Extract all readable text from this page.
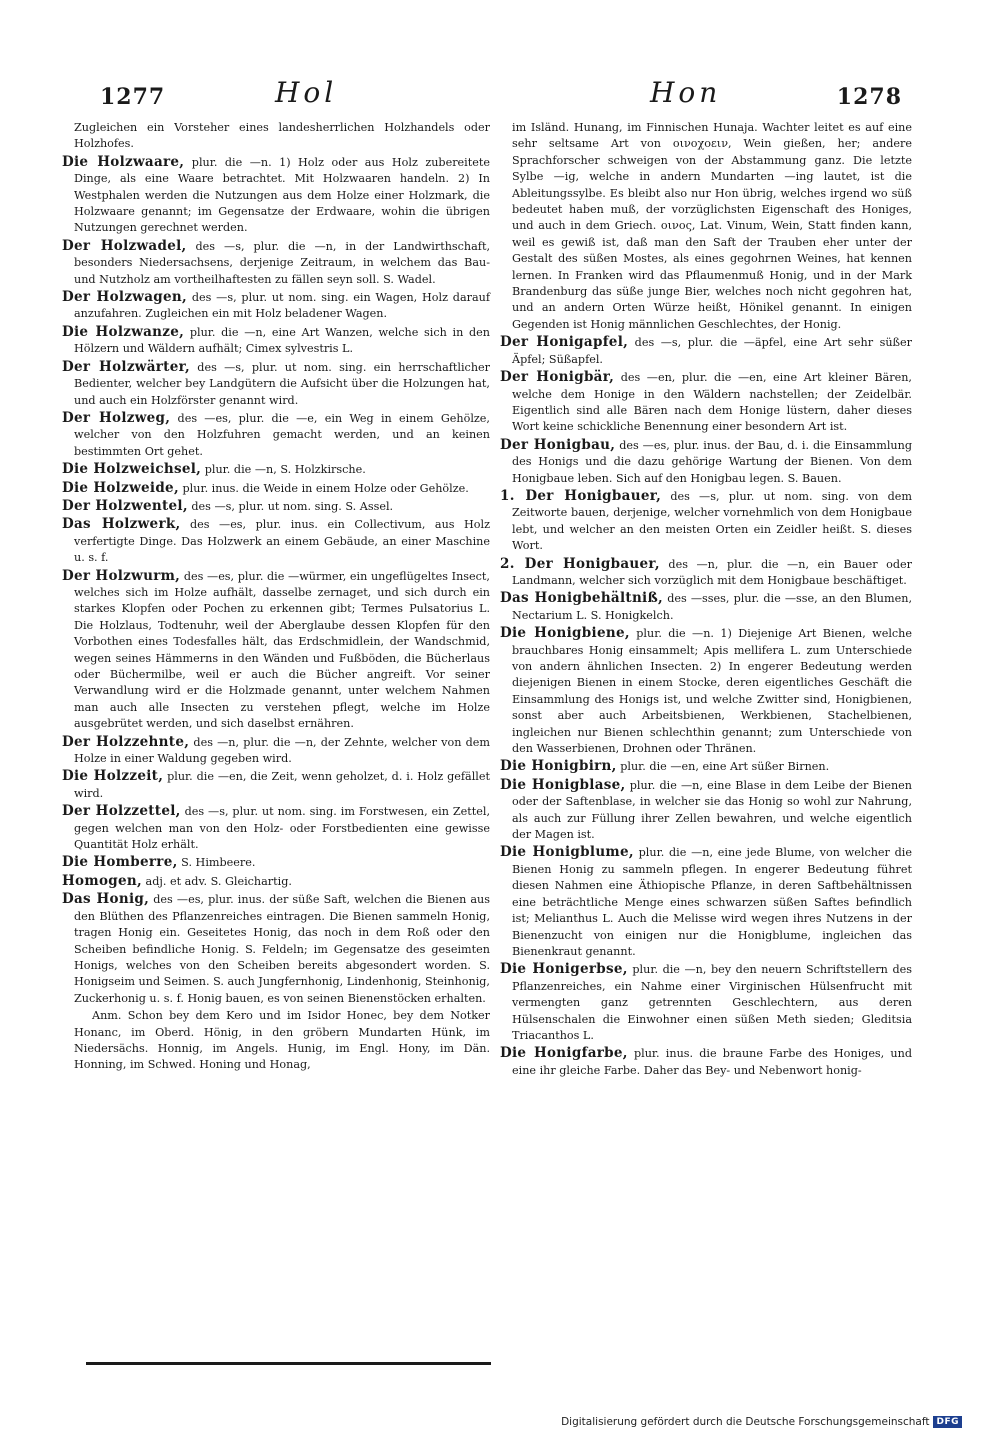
1277	Hol	Hon	1278

Zugleichen ein Vorsteher eines landesherrlichen Holzhandels oder Holzhofes.

Die Holzwaare, plur. die —n. 1) Holz oder aus Holz zubereitete Dinge, als eine Waare betrachtet. Mit Holzwaaren handeln. 2) In Westphalen werden die Nutzungen aus dem Holze einer Holzmark, die Holzwaare genannt; im Gegensatze der Erdwaare, wohin die übrigen Nutzungen gerechnet werden.

Der Holzwadel, des —s, plur. die —n, in der Landwirthschaft, besonders Niedersachsens, derjenige Zeitraum, in welchem das Bau- und Nutzholz am vortheilhaftesten zu fällen seyn soll. S. Wadel.

Der Holzwagen, des —s, plur. ut nom. sing. ein Wagen, Holz darauf anzufahren. Zugleichen ein mit Holz beladener Wagen.

Die Holzwanze, plur. die —n, eine Art Wanzen, welche sich in den Hölzern und Wäldern aufhält; Cimex sylvestris L.

Der Holzwärter, des —s, plur. ut nom. sing. ein herrschaftlicher Bedienter, welcher bey Landgütern die Aufsicht über die Holzungen hat, und auch ein Holzförster genannt wird.

Der Holzweg, des —es, plur. die —e, ein Weg in einem Gehölze, welcher von den Holzfuhren gemacht werden, und an keinen bestimmten Ort gehet.

Die Holzweichsel, plur. die —n, S. Holzkirsche.

Die Holzweide, plur. inus. die Weide in einem Holze oder Gehölze.

Der Holzwentel, des —s, plur. ut nom. sing. S. Assel.

Das Holzwerk, des —es, plur. inus. ein Collectivum, aus Holz verfertigte Dinge. Das Holzwerk an einem Gebäude, an einer Maschine u. s. f.

Der Holzwurm, des —es, plur. die —würmer, ein ungeflügeltes Insect, welches sich im Holze aufhält, dasselbe zernaget, und sich durch ein starkes Klopfen oder Pochen zu erkennen gibt; Termes Pulsatorius L. Die Holzlaus, Todtenuhr, weil der Aberglaube dessen Klopfen für den Vorbothen eines Todesfalles hält, das Erdschmidlein, der Wandschmid, wegen seines Hämmerns in den Wänden und Fußböden, die Bücherlaus oder Büchermilbe, weil er auch die Bücher angreift. Vor seiner Verwandlung wird er die Holzmade genannt, unter welchem Nahmen man auch alle Insecten zu verstehen pflegt, welche im Holze ausgebrütet werden, und sich daselbst ernähren.

Der Holzzehnte, des —n, plur. die —n, der Zehnte, welcher von dem Holze in einer Waldung gegeben wird.

Die Holzzeit, plur. die —en, die Zeit, wenn geholzet, d. i. Holz gefället wird.

Der Holzzettel, des —s, plur. ut nom. sing. im Forstwesen, ein Zettel, gegen welchen man von den Holz- oder Forstbedienten eine gewisse Quantität Holz erhält.

Die Homberre, S. Himbeere.

Homogen, adj. et adv. S. Gleichartig.

Das Honig, des —es, plur. inus. der süße Saft, welchen die Bienen aus den Blüthen des Pflanzenreiches eintragen. Die Bienen sammeln Honig, tragen Honig ein. Geseitetes Honig, das noch in dem Roß oder den Scheiben befindliche Honig. S. Feldeln; im Gegensatze des geseimten Honigs, welches von den Scheiben bereits abgesondert worden. S. Honigseim und Seimen. S. auch Jungfernhonig, Lindenhonig, Steinhonig, Zuckerhonig u. s. f. Honig bauen, es von seinen Bienenstöcken erhalten.

Anm. Schon bey dem Kero und im Isidor Honec, bey dem Notker Honanc, im Oberd. Hönig, in den gröbern Mundarten Hünk, im Niedersächs. Honnig, im Angels. Hunig, im Engl. Hony, im Dän. Honning, im Schwed. Honing und Honag,

im Isländ. Hunang, im Finnischen Hunaja. Wachter leitet es auf eine sehr seltsame Art von οινοχοειν, Wein gießen, her; andere Sprachforscher schweigen von der Abstammung ganz. Die letzte Sylbe —ig, welche in andern Mundarten —ing lautet, ist die Ableitungssylbe. Es bleibt also nur Hon übrig, welches irgend wo süß bedeutet haben muß, der vorzüglichsten Eigenschaft des Honiges, und auch in dem Griech. οινος, Lat. Vinum, Wein, Statt finden kann, weil es gewiß ist, daß man den Saft der Trauben eher unter der Gestalt des süßen Mostes, als eines gegohrnen Weines, hat kennen lernen. In Franken wird das Pflaumenmuß Honig, und in der Mark Brandenburg das süße junge Bier, welches noch nicht gegohren hat, und an andern Orten Würze heißt, Hönikel genannt. In einigen Gegenden ist Honig männlichen Geschlechtes, der Honig.

Der Honigapfel, des —s, plur. die —äpfel, eine Art sehr süßer Äpfel; Süßapfel.

Der Honigbär, des —en, plur. die —en, eine Art kleiner Bären, welche dem Honige in den Wäldern nachstellen; der Zeidelbär. Eigentlich sind alle Bären nach dem Honige lüstern, daher dieses Wort keine schickliche Benennung einer besondern Art ist.

Der Honigbau, des —es, plur. inus. der Bau, d. i. die Einsammlung des Honigs und die dazu gehörige Wartung der Bienen. Von dem Honigbaue leben. Sich auf den Honigbau legen. S. Bauen.

1. Der Honigbauer, des —s, plur. ut nom. sing. von dem Zeitworte bauen, derjenige, welcher vornehmlich von dem Honigbaue lebt, und welcher an den meisten Orten ein Zeidler heißt. S. dieses Wort.

2. Der Honigbauer, des —n, plur. die —n, ein Bauer oder Landmann, welcher sich vorzüglich mit dem Honigbaue beschäftiget.

Das Honigbehältniß, des —sses, plur. die —sse, an den Blumen, Nectarium L. S. Honigkelch.

Die Honigbiene, plur. die —n. 1) Diejenige Art Bienen, welche brauchbares Honig einsammelt; Apis mellifera L. zum Unterschiede von andern ähnlichen Insecten. 2) In engerer Bedeutung werden diejenigen Bienen in einem Stocke, deren eigentliches Geschäft die Einsammlung des Honigs ist, und welche Zwitter sind, Honigbienen, sonst aber auch Arbeitsbienen, Werkbienen, Stachelbienen, ingleichen nur Bienen schlechthin genannt; zum Unterschiede von den Wasserbienen, Drohnen oder Thränen.

Die Honigbirn, plur. die —en, eine Art süßer Birnen.

Die Honigblase, plur. die —n, eine Blase in dem Leibe der Bienen oder der Saftenblase, in welcher sie das Honig so wohl zur Nahrung, als auch zur Füllung ihrer Zellen bewahren, und welche eigentlich der Magen ist.

Die Honigblume, plur. die —n, eine jede Blume, von welcher die Bienen Honig zu sammeln pflegen. In engerer Bedeutung führet diesen Nahmen eine Äthiopische Pflanze, in deren Saftbehältnissen eine beträchtliche Menge eines schwarzen süßen Saftes befindlich ist; Melianthus L. Auch die Melisse wird wegen ihres Nutzens in der Bienenzucht von einigen nur die Honigblume, ingleichen das Bienenkraut genannt.

Die Honigerbse, plur. die —n, bey den neuern Schriftstellern des Pflanzenreiches, ein Nahme einer Virginischen Hülsenfrucht mit vermengten ganz getrennten Geschlechtern, aus deren Hülsenschalen die Einwohner einen süßen Meth sieden; Gleditsia Triacanthos L.

Die Honigfarbe, plur. inus. die braune Farbe des Honiges, und eine ihr gleiche Farbe. Daher das Bey- und Nebenwort honig-

Digitalisierung gefördert durch die Deutsche Forschungsgemeinschaft DFG
